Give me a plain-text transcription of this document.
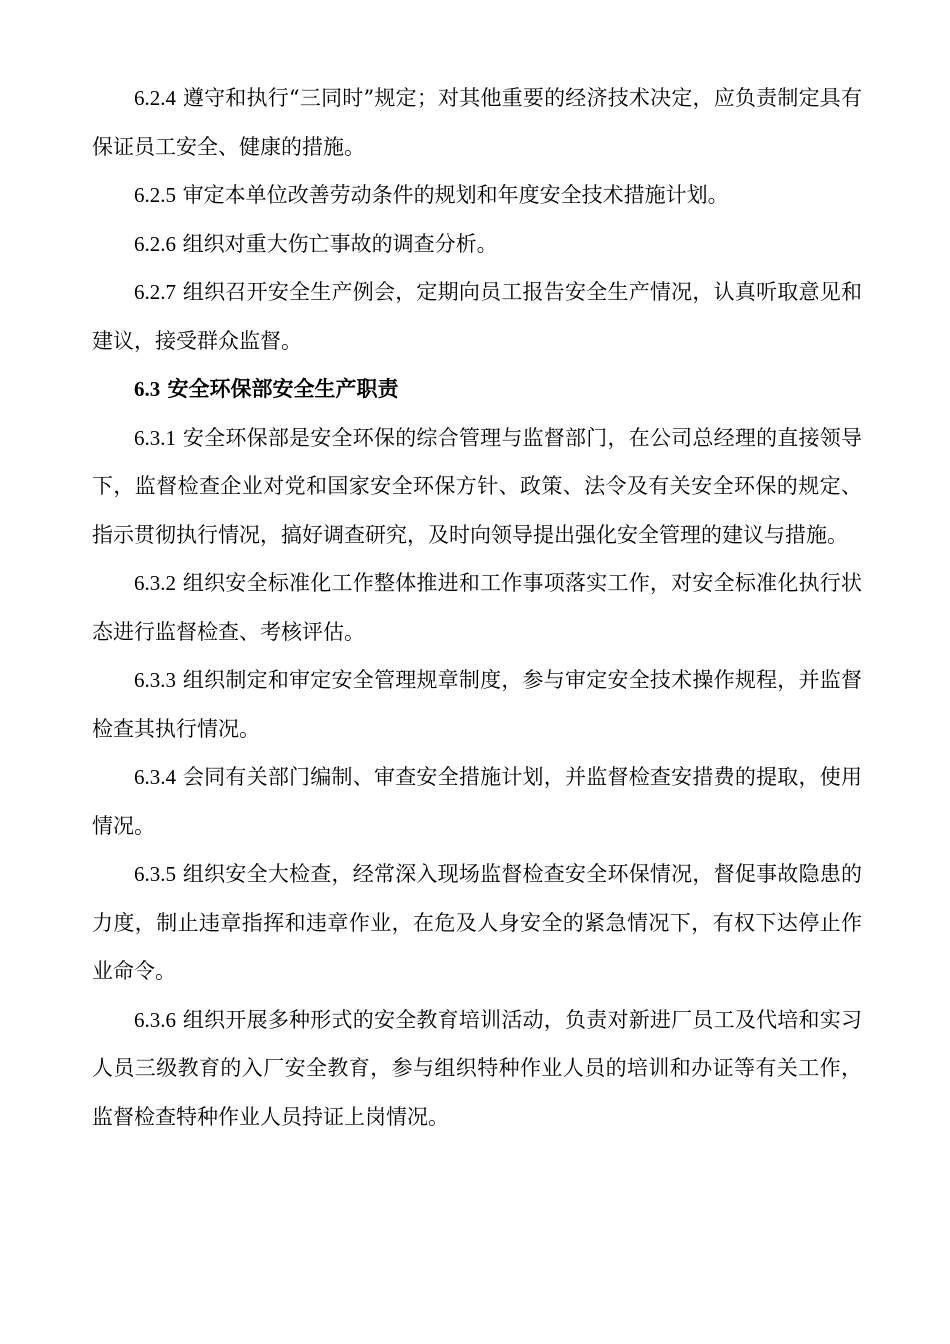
6.2.4 遵守和执行“三同时”规定；对其他重要的经济技术决定，应负责制定具有保证员工安全、健康的措施。

6.2.5 审定本单位改善劳动条件的规划和年度安全技术措施计划。

6.2.6 组织对重大伤亡事故的调查分析。

6.2.7 组织召开安全生产例会，定期向员工报告安全生产情况，认真听取意见和建议，接受群众监督。

6.3 安全环保部安全生产职责

6.3.1 安全环保部是安全环保的综合管理与监督部门，在公司总经理的直接领导下，监督检查企业对党和国家安全环保方针、政策、法令及有关安全环保的规定、指示贯彻执行情况，搞好调查研究，及时向领导提出强化安全管理的建议与措施。

6.3.2 组织安全标准化工作整体推进和工作事项落实工作，对安全标准化执行状态进行监督检查、考核评估。

6.3.3 组织制定和审定安全管理规章制度，参与审定安全技术操作规程，并监督检查其执行情况。

6.3.4 会同有关部门编制、审查安全措施计划，并监督检查安措费的提取，使用情况。

6.3.5 组织安全大检查，经常深入现场监督检查安全环保情况，督促事故隐患的力度，制止违章指挥和违章作业，在危及人身安全的紧急情况下，有权下达停止作业命令。

6.3.6 组织开展多种形式的安全教育培训活动，负责对新进厂员工及代培和实习人员三级教育的入厂安全教育，参与组织特种作业人员的培训和办证等有关工作，监督检查特种作业人员持证上岗情况。
